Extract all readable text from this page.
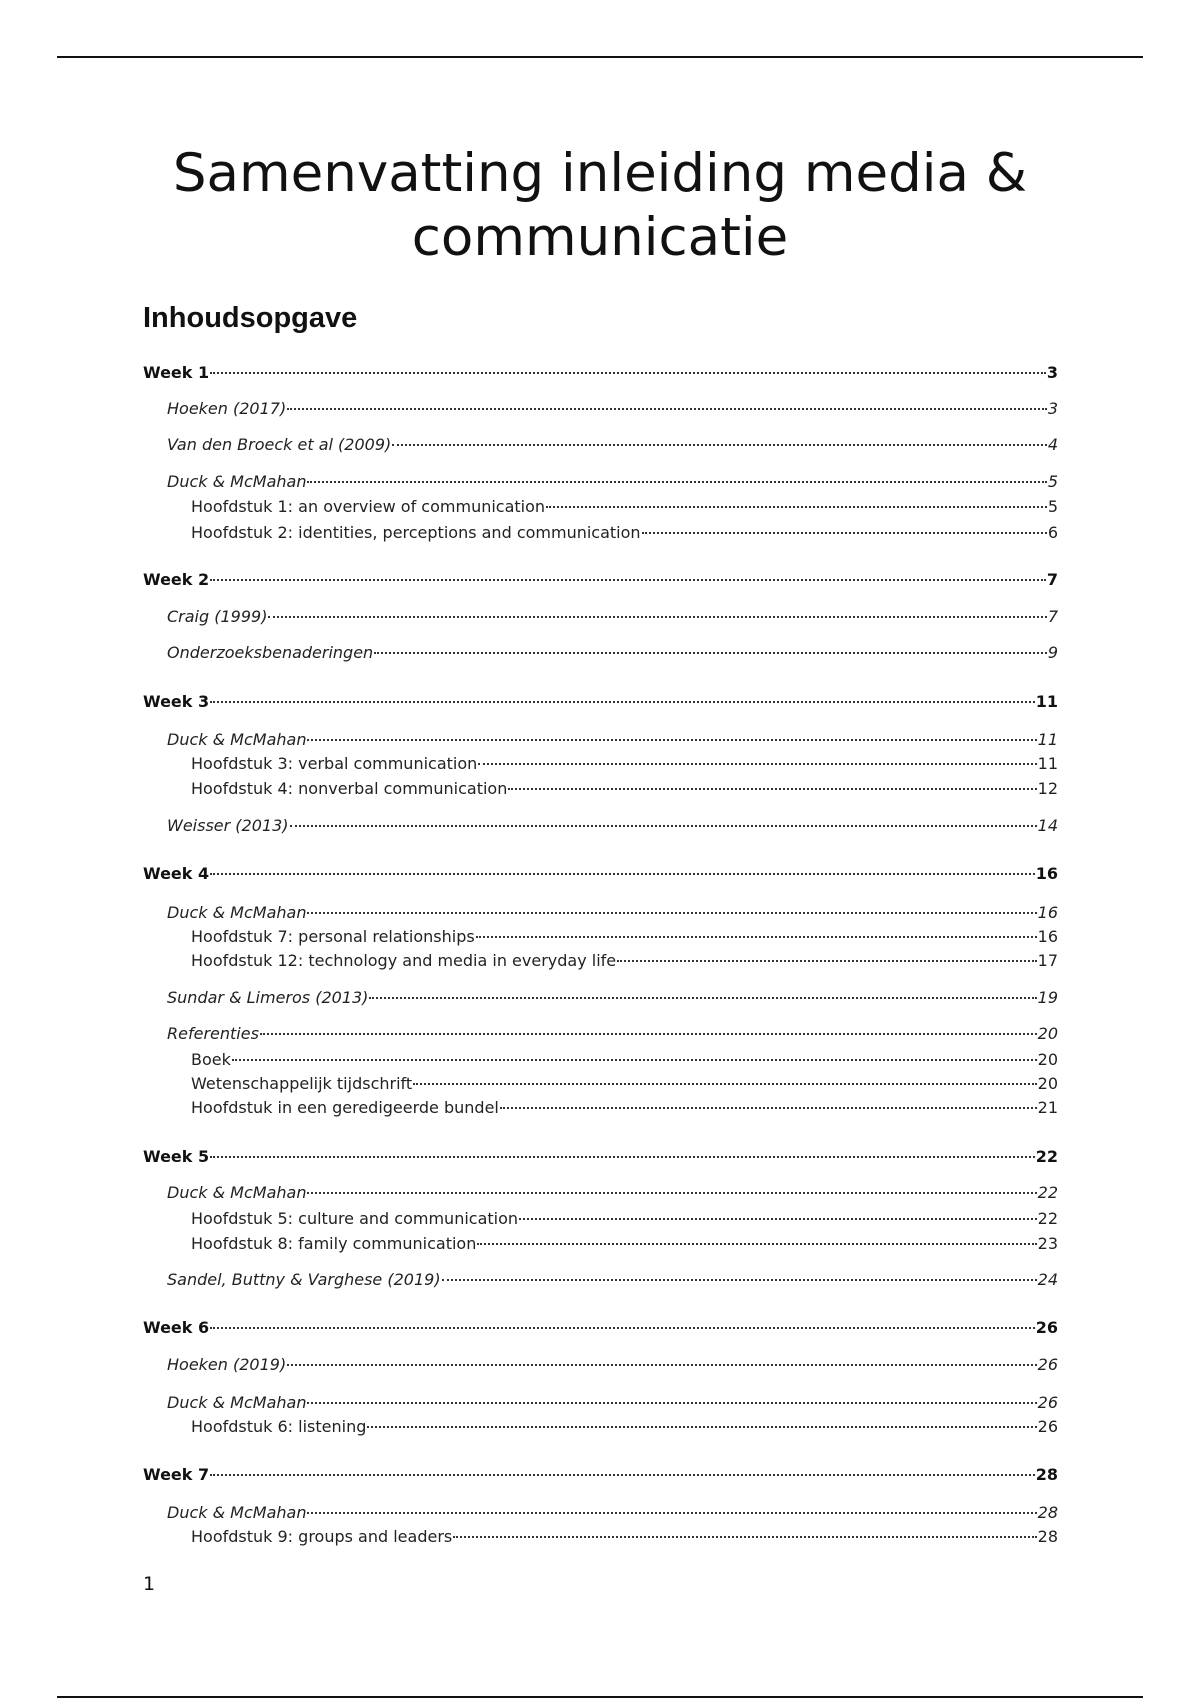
Samenvatting inleiding media & communicatie
Inhoudsopgave
Week 1	3
Hoeken (2017)	3
Van den Broeck et al (2009)	4
Duck & McMahan	5
Hoofdstuk 1: an overview of communication	5
Hoofdstuk 2: identities, perceptions and communication	6
Week 2	7
Craig (1999)	7
Onderzoeksbenaderingen	9
Week 3	11
Duck & McMahan	11
Hoofdstuk 3: verbal communication	11
Hoofdstuk 4: nonverbal communication	12
Weisser (2013)	14
Week 4	16
Duck & McMahan	16
Hoofdstuk 7: personal relationships	16
Hoofdstuk 12: technology and media in everyday life	17
Sundar & Limeros (2013)	19
Referenties	20
Boek	20
Wetenschappelijk tijdschrift	20
Hoofdstuk in een geredigeerde bundel	21
Week 5	22
Duck & McMahan	22
Hoofdstuk 5: culture and communication	22
Hoofdstuk 8: family communication	23
Sandel, Buttny & Varghese (2019)	24
Week 6	26
Hoeken (2019)	26
Duck & McMahan	26
Hoofdstuk 6: listening	26
Week 7	28
Duck & McMahan	28
Hoofdstuk 9: groups and leaders	28
1
